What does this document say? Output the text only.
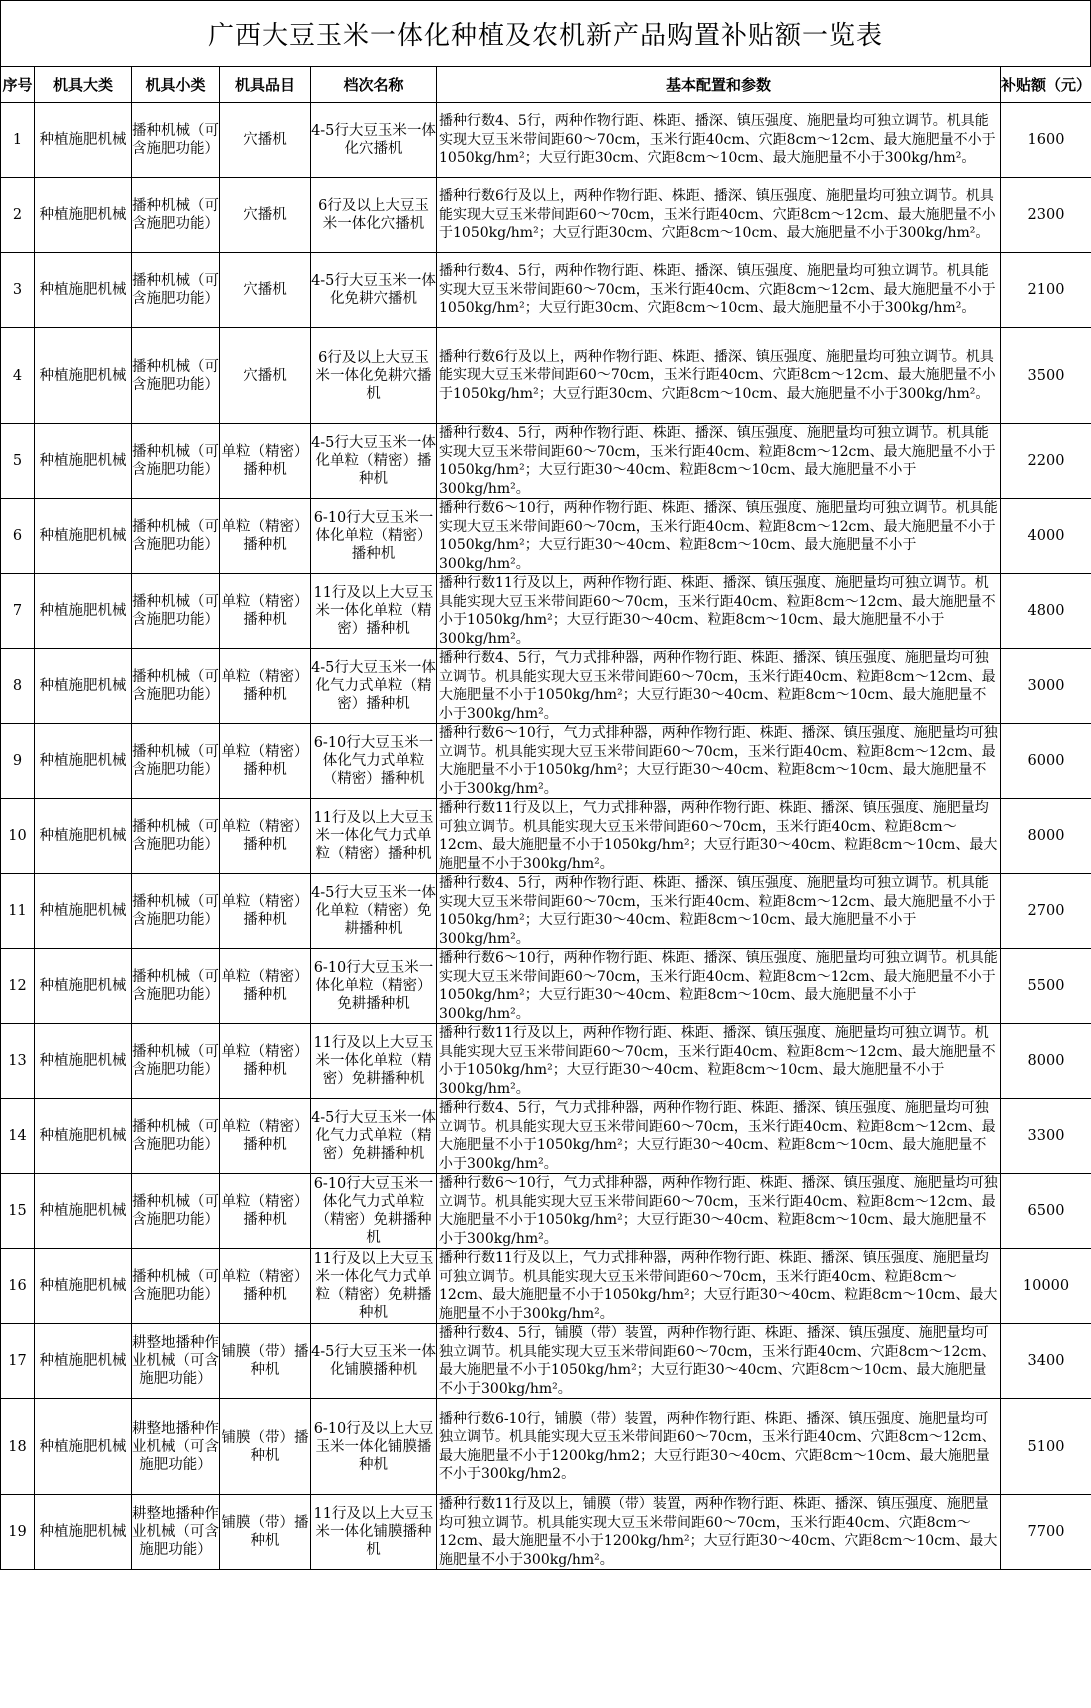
广西大豆玉米一体化种植及农机新产品购置补贴额一览表
序号	机具大类	机具小类	机具品目	档次名称	基本配置和参数	补贴额（元）
1	种植施肥机械	播种机械（可含施肥功能）	穴播机	4-5行大豆玉米一体化穴播机	播种行数4、5行，两种作物行距、株距、播深、镇压强度、施肥量均可独立调节。机具能实现大豆玉米带间距60～70cm，玉米行距40cm、穴距8cm～12cm、最大施肥量不小于1050kg/hm²；大豆行距30cm、穴距8cm～10cm、最大施肥量不小于300kg/hm²。	1600
2	种植施肥机械	播种机械（可含施肥功能）	穴播机	6行及以上大豆玉米一体化穴播机	播种行数6行及以上，两种作物行距、株距、播深、镇压强度、施肥量均可独立调节。机具能实现大豆玉米带间距60～70cm，玉米行距40cm、穴距8cm～12cm、最大施肥量不小于1050kg/hm²；大豆行距30cm、穴距8cm～10cm、最大施肥量不小于300kg/hm²。	2300
3	种植施肥机械	播种机械（可含施肥功能）	穴播机	4-5行大豆玉米一体化免耕穴播机	播种行数4、5行，两种作物行距、株距、播深、镇压强度、施肥量均可独立调节。机具能实现大豆玉米带间距60～70cm，玉米行距40cm、穴距8cm～12cm、最大施肥量不小于1050kg/hm²；大豆行距30cm、穴距8cm～10cm、最大施肥量不小于300kg/hm²。	2100
4	种植施肥机械	播种机械（可含施肥功能）	穴播机	6行及以上大豆玉米一体化免耕穴播机	播种行数6行及以上，两种作物行距、株距、播深、镇压强度、施肥量均可独立调节。机具能实现大豆玉米带间距60～70cm，玉米行距40cm、穴距8cm～12cm、最大施肥量不小于1050kg/hm²；大豆行距30cm、穴距8cm～10cm、最大施肥量不小于300kg/hm²。	3500
5	种植施肥机械	播种机械（可含施肥功能）	单粒（精密）播种机	4-5行大豆玉米一体化单粒（精密）播种机	播种行数4、5行，两种作物行距、株距、播深、镇压强度、施肥量均可独立调节。机具能实现大豆玉米带间距60～70cm，玉米行距40cm、粒距8cm～12cm、最大施肥量不小于1050kg/hm²；大豆行距30～40cm、粒距8cm～10cm、最大施肥量不小于300kg/hm²。	2200
6	种植施肥机械	播种机械（可含施肥功能）	单粒（精密）播种机	6-10行大豆玉米一体化单粒（精密）播种机	播种行数6～10行，两种作物行距、株距、播深、镇压强度、施肥量均可独立调节。机具能实现大豆玉米带间距60～70cm，玉米行距40cm、粒距8cm～12cm、最大施肥量不小于1050kg/hm²；大豆行距30～40cm、粒距8cm～10cm、最大施肥量不小于300kg/hm²。	4000
7	种植施肥机械	播种机械（可含施肥功能）	单粒（精密）播种机	11行及以上大豆玉米一体化单粒（精密）播种机	播种行数11行及以上，两种作物行距、株距、播深、镇压强度、施肥量均可独立调节。机具能实现大豆玉米带间距60～70cm，玉米行距40cm、粒距8cm～12cm、最大施肥量不小于1050kg/hm²；大豆行距30～40cm、粒距8cm～10cm、最大施肥量不小于300kg/hm²。	4800
8	种植施肥机械	播种机械（可含施肥功能）	单粒（精密）播种机	4-5行大豆玉米一体化气力式单粒（精密）播种机	播种行数4、5行，气力式排种器，两种作物行距、株距、播深、镇压强度、施肥量均可独立调节。机具能实现大豆玉米带间距60～70cm，玉米行距40cm、粒距8cm～12cm、最大施肥量不小于1050kg/hm²；大豆行距30～40cm、粒距8cm～10cm、最大施肥量不小于300kg/hm²。	3000
9	种植施肥机械	播种机械（可含施肥功能）	单粒（精密）播种机	6-10行大豆玉米一体化气力式单粒（精密）播种机	播种行数6～10行，气力式排种器，两种作物行距、株距、播深、镇压强度、施肥量均可独立调节。机具能实现大豆玉米带间距60～70cm，玉米行距40cm、粒距8cm～12cm、最大施肥量不小于1050kg/hm²；大豆行距30～40cm、粒距8cm～10cm、最大施肥量不小于300kg/hm²。	6000
10	种植施肥机械	播种机械（可含施肥功能）	单粒（精密）播种机	11行及以上大豆玉米一体化气力式单粒（精密）播种机	播种行数11行及以上，气力式排种器，两种作物行距、株距、播深、镇压强度、施肥量均可独立调节。机具能实现大豆玉米带间距60～70cm，玉米行距40cm、粒距8cm～12cm、最大施肥量不小于1050kg/hm²；大豆行距30～40cm、粒距8cm～10cm、最大施肥量不小于300kg/hm²。	8000
11	种植施肥机械	播种机械（可含施肥功能）	单粒（精密）播种机	4-5行大豆玉米一体化单粒（精密）免耕播种机	播种行数4、5行，两种作物行距、株距、播深、镇压强度、施肥量均可独立调节。机具能实现大豆玉米带间距60～70cm，玉米行距40cm、粒距8cm～12cm、最大施肥量不小于1050kg/hm²；大豆行距30～40cm、粒距8cm～10cm、最大施肥量不小于300kg/hm²。	2700
12	种植施肥机械	播种机械（可含施肥功能）	单粒（精密）播种机	6-10行大豆玉米一体化单粒（精密）免耕播种机	播种行数6～10行，两种作物行距、株距、播深、镇压强度、施肥量均可独立调节。机具能实现大豆玉米带间距60～70cm，玉米行距40cm、粒距8cm～12cm、最大施肥量不小于1050kg/hm²；大豆行距30～40cm、粒距8cm～10cm、最大施肥量不小于300kg/hm²。	5500
13	种植施肥机械	播种机械（可含施肥功能）	单粒（精密）播种机	11行及以上大豆玉米一体化单粒（精密）免耕播种机	播种行数11行及以上，两种作物行距、株距、播深、镇压强度、施肥量均可独立调节。机具能实现大豆玉米带间距60～70cm，玉米行距40cm、粒距8cm～12cm、最大施肥量不小于1050kg/hm²；大豆行距30～40cm、粒距8cm～10cm、最大施肥量不小于300kg/hm²。	8000
14	种植施肥机械	播种机械（可含施肥功能）	单粒（精密）播种机	4-5行大豆玉米一体化气力式单粒（精密）免耕播种机	播种行数4、5行，气力式排种器，两种作物行距、株距、播深、镇压强度、施肥量均可独立调节。机具能实现大豆玉米带间距60～70cm，玉米行距40cm、粒距8cm～12cm、最大施肥量不小于1050kg/hm²；大豆行距30～40cm、粒距8cm～10cm、最大施肥量不小于300kg/hm²。	3300
15	种植施肥机械	播种机械（可含施肥功能）	单粒（精密）播种机	6-10行大豆玉米一体化气力式单粒（精密）免耕播种机	播种行数6～10行，气力式排种器，两种作物行距、株距、播深、镇压强度、施肥量均可独立调节。机具能实现大豆玉米带间距60～70cm，玉米行距40cm、粒距8cm～12cm、最大施肥量不小于1050kg/hm²；大豆行距30～40cm、粒距8cm～10cm、最大施肥量不小于300kg/hm²。	6500
16	种植施肥机械	播种机械（可含施肥功能）	单粒（精密）播种机	11行及以上大豆玉米一体化气力式单粒（精密）免耕播种机	播种行数11行及以上，气力式排种器，两种作物行距、株距、播深、镇压强度、施肥量均可独立调节。机具能实现大豆玉米带间距60～70cm，玉米行距40cm、粒距8cm～12cm、最大施肥量不小于1050kg/hm²；大豆行距30～40cm、粒距8cm～10cm、最大施肥量不小于300kg/hm²。	10000
17	种植施肥机械	耕整地播种作业机械（可含施肥功能）	铺膜（带）播种机	4-5行大豆玉米一体化铺膜播种机	播种行数4、5行，铺膜（带）装置，两种作物行距、株距、播深、镇压强度、施肥量均可独立调节。机具能实现大豆玉米带间距60～70cm，玉米行距40cm、穴距8cm～12cm、最大施肥量不小于1050kg/hm²；大豆行距30～40cm、穴距8cm～10cm、最大施肥量不小于300kg/hm²。	3400
18	种植施肥机械	耕整地播种作业机械（可含施肥功能）	铺膜（带）播种机	6-10行及以上大豆玉米一体化铺膜播种机	播种行数6-10行，铺膜（带）装置，两种作物行距、株距、播深、镇压强度、施肥量均可独立调节。机具能实现大豆玉米带间距60～70cm，玉米行距40cm、穴距8cm～12cm、最大施肥量不小于1200kg/hm2；大豆行距30～40cm、穴距8cm～10cm、最大施肥量不小于300kg/hm2。	5100
19	种植施肥机械	耕整地播种作业机械（可含施肥功能）	铺膜（带）播种机	11行及以上大豆玉米一体化铺膜播种机	播种行数11行及以上，铺膜（带）装置，两种作物行距、株距、播深、镇压强度、施肥量均可独立调节。机具能实现大豆玉米带间距60～70cm，玉米行距40cm、穴距8cm～12cm、最大施肥量不小于1200kg/hm²；大豆行距30～40cm、穴距8cm～10cm、最大施肥量不小于300kg/hm²。	7700
